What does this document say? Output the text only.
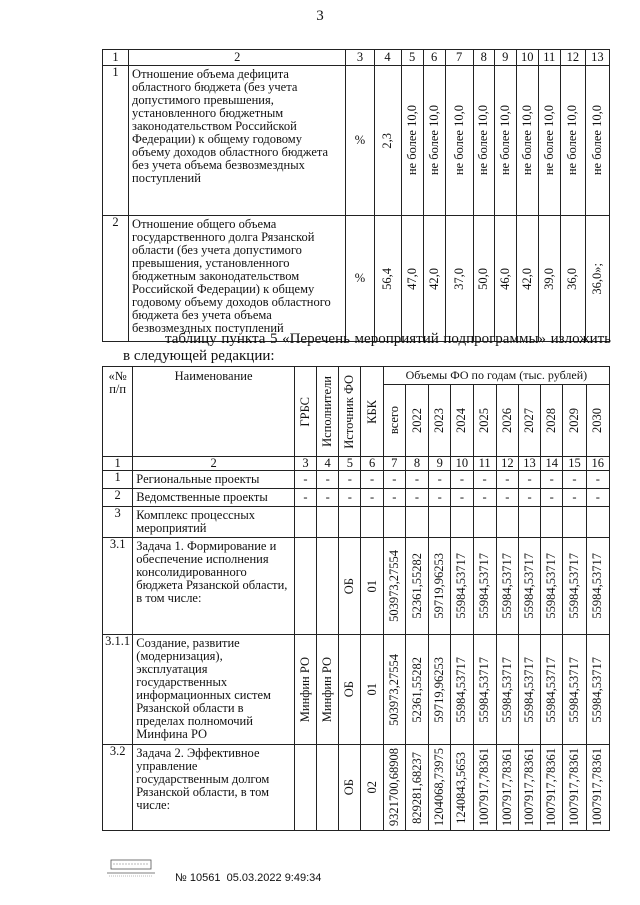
3
1	2	3	4	5	6	7	8	9	10	11	12	13
1	Отношение объема дефицита областного бюджета (без учета допустимого превышения, установленного бюджетным законодательством Российской Федерации) к общему годовому объему доходов областного бюджета без учета объема безвозмездных поступлений	%	2,3	не более 10,0	не более 10,0	не более 10,0	не более 10,0	не более 10,0	не более 10,0	не более 10,0	не более 10,0	не более 10,0

2	Отношение общего объема государственного долга Рязанской области (без учета допустимого превышения, установленного бюджетным законодательством Российской Федерации) к общему годовому объему доходов областного бюджета без учета объема безвозмездных поступлений	%	56,4	47,0	42,0	37,0	50,0	46,0	42,0	39,0	36,0	36,0»;
таблицу пункта 5 «Перечень мероприятий подпрограммы» изложить в следующей редакции:
«№ п/п	Наименование	ГРБС	Исполнители	Источник ФО	КБК	Объемы ФО по годам (тыс. рублей)									

						всего	2022	2023	2024	2025	2026	2027	2028	2029	2030

1	2	3	4	5	6	7	8	9	10	11	12	13	14	15	16
1	Региональные проекты	-	-	-	-	-	-	-	-	-	-	-	-	-	-
2	Ведомственные проекты	-	-	-	-	-	-	-	-	-	-	-	-	-	-
3	Комплекс процессных мероприятий														
3.1	Задача 1. Формирование и обеспечение исполнения консолидированного бюджета Рязанской области, в том числе:			ОБ	01	503973,27554	52361,55282	59719,96253	55984,53717	55984,53717	55984,53717	55984,53717	55984,53717	55984,53717	55984,53717

3.1.1	Создание, развитие (модернизация), эксплуатация государственных информационных систем Рязанской области в пределах полномочий Минфина РО	Минфин РО	Минфин РО	ОБ	01	503973,27554	52361,55282	59719,96253	55984,53717	55984,53717	55984,53717	55984,53717	55984,53717	55984,53717	55984,53717

3.2	Задача 2. Эффективное управление государственным долгом Рязанской области, в том числе:			ОБ	02	9321700,68908	829281,68237	1204068,73975	1240843,5653	1007917,78361	1007917,78361	1007917,78361	1007917,78361	1007917,78361	1007917,78361
№ 10561 05.03.2022 9:49:34
